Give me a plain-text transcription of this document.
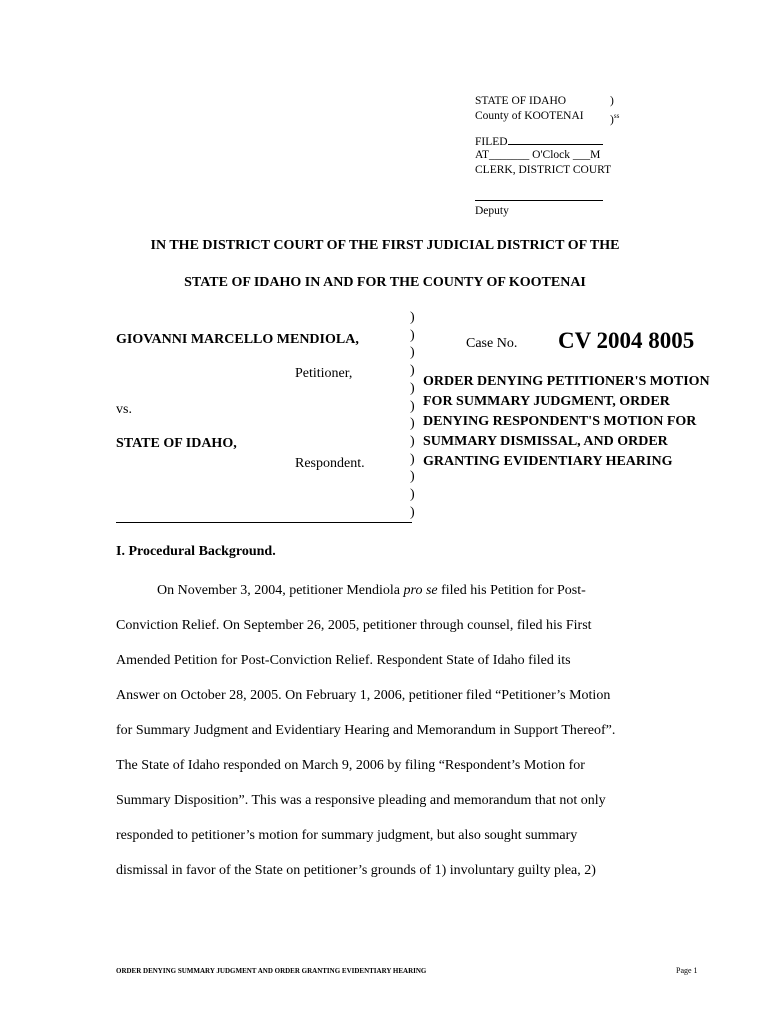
STATE OF IDAHO	)
County of KOOTENAI )$^{ss}$
FILED
AT_______ O'Clock ___M
CLERK, DISTRICT COURT
Deputy
IN THE DISTRICT COURT OF THE FIRST JUDICIAL DISTRICT OF THE
STATE OF IDAHO IN AND FOR THE COUNTY OF KOOTENAI
GIOVANNI MARCELLO MENDIOLA,
Petitioner,
vs.
STATE OF IDAHO,
Respondent.
)
)
)
)
)
)
)
)
)
)
)
)
Case No. CV 2004 8005
ORDER DENYING PETITIONER'S MOTION FOR SUMMARY JUDGMENT, ORDER DENYING RESPONDENT'S MOTION FOR SUMMARY DISMISSAL, AND ORDER GRANTING EVIDENTIARY HEARING
I. Procedural Background.
On November 3, 2004, petitioner Mendiola pro se filed his Petition for Post-
Conviction Relief. On September 26, 2005, petitioner through counsel, filed his First
Amended Petition for Post-Conviction Relief. Respondent State of Idaho filed its
Answer on October 28, 2005. On February 1, 2006, petitioner filed “Petitioner’s Motion
for Summary Judgment and Evidentiary Hearing and Memorandum in Support Thereof”.
The State of Idaho responded on March 9, 2006 by filing “Respondent’s Motion for
Summary Disposition”. This was a responsive pleading and memorandum that not only
responded to petitioner’s motion for summary judgment, but also sought summary
dismissal in favor of the State on petitioner’s grounds of 1) involuntary guilty plea, 2)
ORDER DENYING SUMMARY JUDGMENT AND ORDER GRANTING EVIDENTIARY HEARING	Page 1
